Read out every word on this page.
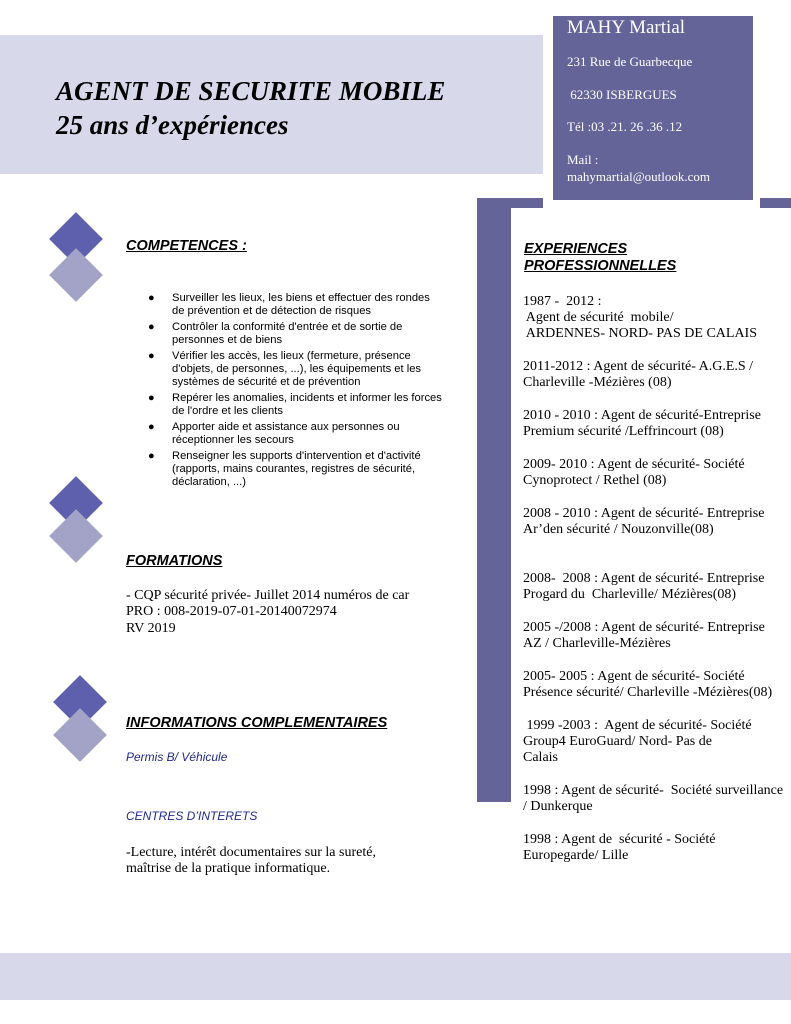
AGENT DE SECURITE MOBILE
25 ans d’expériences
MAHY Martial
231 Rue de Guarbecque
62330 ISBERGUES
Tél :03 .21. 26 .36 .12
Mail :
mahymartial@outlook.com
COMPETENCES :
● Surveiller les lieux, les biens et effectuer des rondes
de prévention et de détection de risques
● Contrôler la conformité d'entrée et de sortie de
personnes et de biens
● Vérifier les accès, les lieux (fermeture, présence
d'objets, de personnes, ...), les équipements et les
systèmes de sécurité et de prévention
● Repérer les anomalies, incidents et informer les forces
de l'ordre et les clients
● Apporter aide et assistance aux personnes ou
réceptionner les secours
● Renseigner les supports d'intervention et d'activité
(rapports, mains courantes, registres de sécurité,
déclaration, ...)
FORMATIONS
- CQP sécurité privée- Juillet 2014 numéros de car
PRO : 008-2019-07-01-20140072974
RV 2019
INFORMATIONS COMPLEMENTAIRES
Permis B/ Véhicule
CENTRES D’INTERETS
-Lecture, intérêt documentaires sur la sureté,
maîtrise de la pratique informatique.
EXPERIENCES
PROFESSIONNELLES
1987 -  2012 :
Agent de sécurité  mobile/
ARDENNES- NORD- PAS DE CALAIS
2011-2012 : Agent de sécurité- A.G.E.S /
Charleville -Mézières (08)
2010 - 2010 : Agent de sécurité-Entreprise
Premium sécurité /Leffrincourt (08)
2009- 2010 : Agent de sécurité- Société
Cynoprotect / Rethel (08)
2008 - 2010 : Agent de sécurité- Entreprise
Ar’den sécurité / Nouzonville(08)
2008-  2008 : Agent de sécurité- Entreprise
Progard du  Charleville/ Mézières(08)
2005 -/2008 : Agent de sécurité- Entreprise
AZ / Charleville-Mézières
2005- 2005 : Agent de sécurité- Société
Présence sécurité/ Charleville -Mézières(08)
1999 -2003 :  Agent de sécurité- Société
Group4 EuroGuard/ Nord- Pas de
Calais
1998 : Agent de sécurité-  Société surveillance
/ Dunkerque
1998 : Agent de  sécurité - Société
Europegarde/ Lille
